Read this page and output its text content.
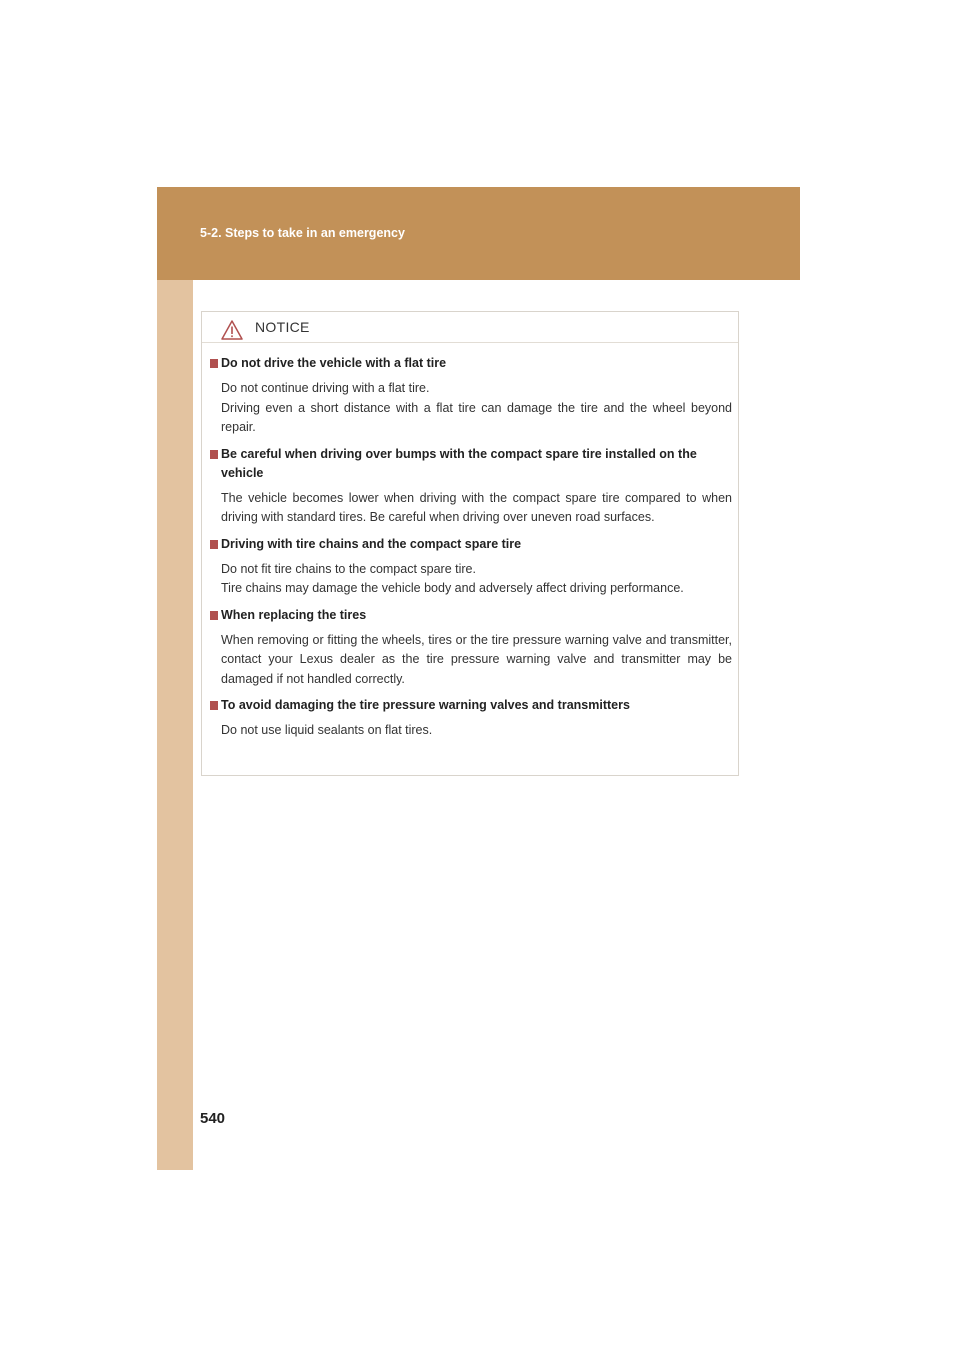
5-2. Steps to take in an emergency
NOTICE
Do not drive the vehicle with a flat tire
Do not continue driving with a flat tire.
Driving even a short distance with a flat tire can damage the tire and the wheel beyond repair.
Be careful when driving over bumps with the compact spare tire installed on the vehicle
The vehicle becomes lower when driving with the compact spare tire compared to when driving with standard tires. Be careful when driving over uneven road surfaces.
Driving with tire chains and the compact spare tire
Do not fit tire chains to the compact spare tire.
Tire chains may damage the vehicle body and adversely affect driving performance.
When replacing the tires
When removing or fitting the wheels, tires or the tire pressure warning valve and transmitter, contact your Lexus dealer as the tire pressure warning valve and transmitter may be damaged if not handled correctly.
To avoid damaging the tire pressure warning valves and transmitters
Do not use liquid sealants on flat tires.
540
